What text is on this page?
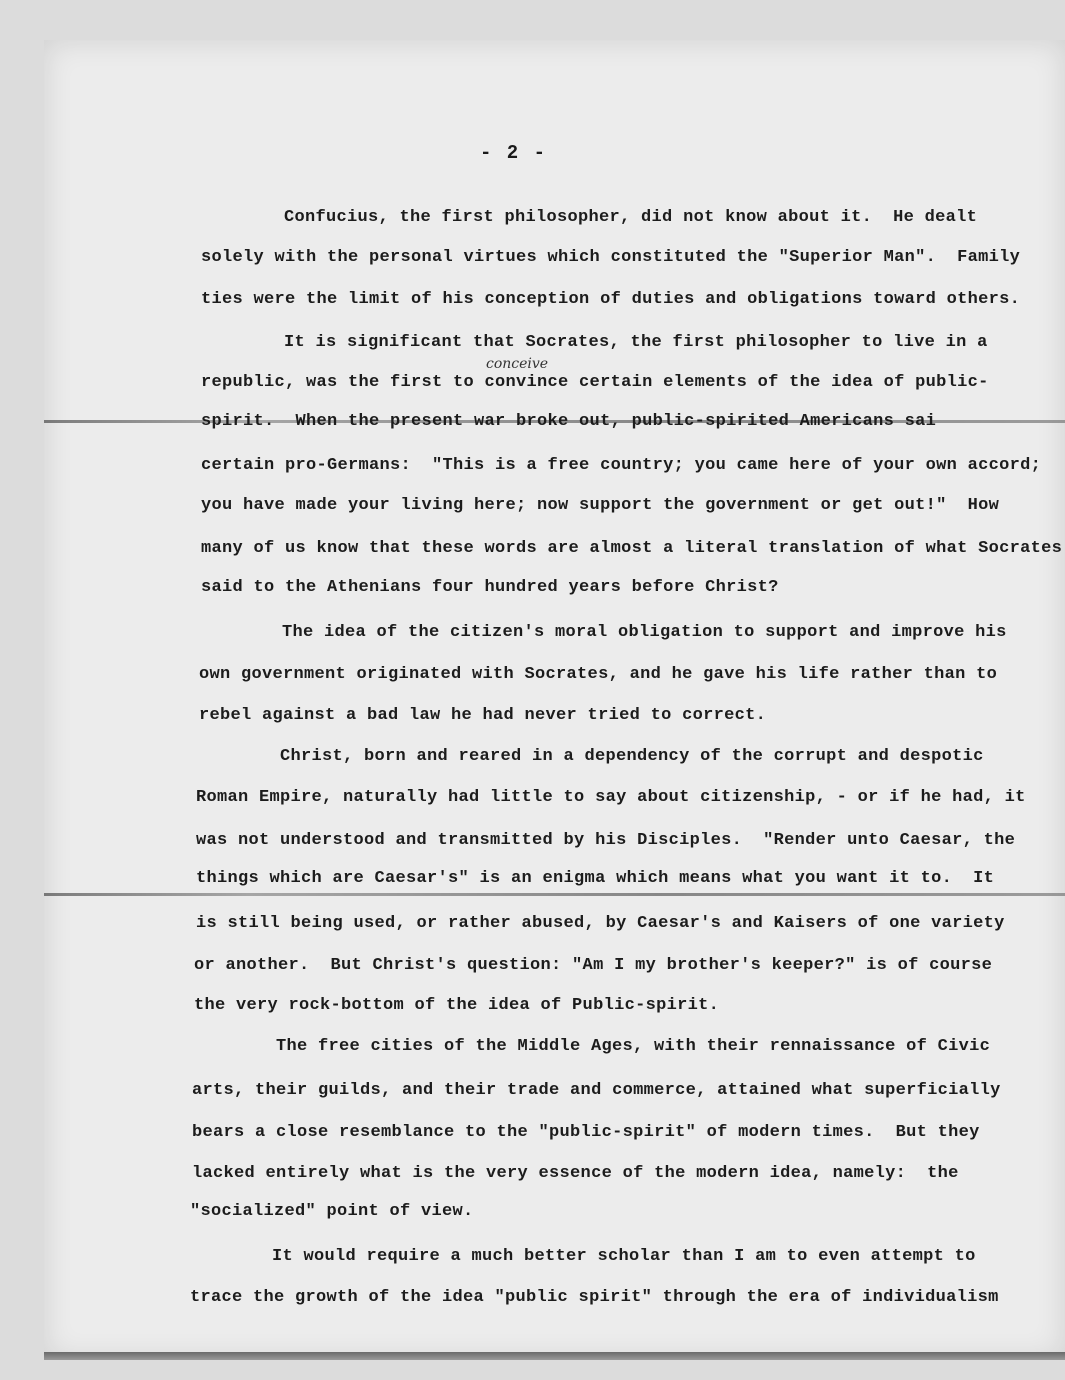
- 2 -
conceive
Confucius, the first philosopher, did not know about it.  He dealt
solely with the personal virtues which constituted the "Superior Man".  Family
ties were the limit of his conception of duties and obligations toward others.
It is significant that Socrates, the first philosopher to live in a
republic, was the first to convince certain elements of the idea of public-
spirit.  When the present war broke out, public-spirited Americans sai
certain pro-Germans:  "This is a free country; you came here of your own accord;
you have made your living here; now support the government or get out!"  How
many of us know that these words are almost a literal translation of what Socrates
said to the Athenians four hundred years before Christ?
The idea of the citizen's moral obligation to support and improve his
own government originated with Socrates, and he gave his life rather than to
rebel against a bad law he had never tried to correct.
Christ, born and reared in a dependency of the corrupt and despotic
Roman Empire, naturally had little to say about citizenship, - or if he had, it
was not understood and transmitted by his Disciples.  "Render unto Caesar, the
things which are Caesar's" is an enigma which means what you want it to.  It
is still being used, or rather abused, by Caesar's and Kaisers of one variety
or another.  But Christ's question: "Am I my brother's keeper?" is of course
the very rock-bottom of the idea of Public-spirit.
The free cities of the Middle Ages, with their rennaissance of Civic
arts, their guilds, and their trade and commerce, attained what superficially
bears a close resemblance to the "public-spirit" of modern times.  But they
lacked entirely what is the very essence of the modern idea, namely:  the
"socialized" point of view.
It would require a much better scholar than I am to even attempt to
trace the growth of the idea "public spirit" through the era of individualism
